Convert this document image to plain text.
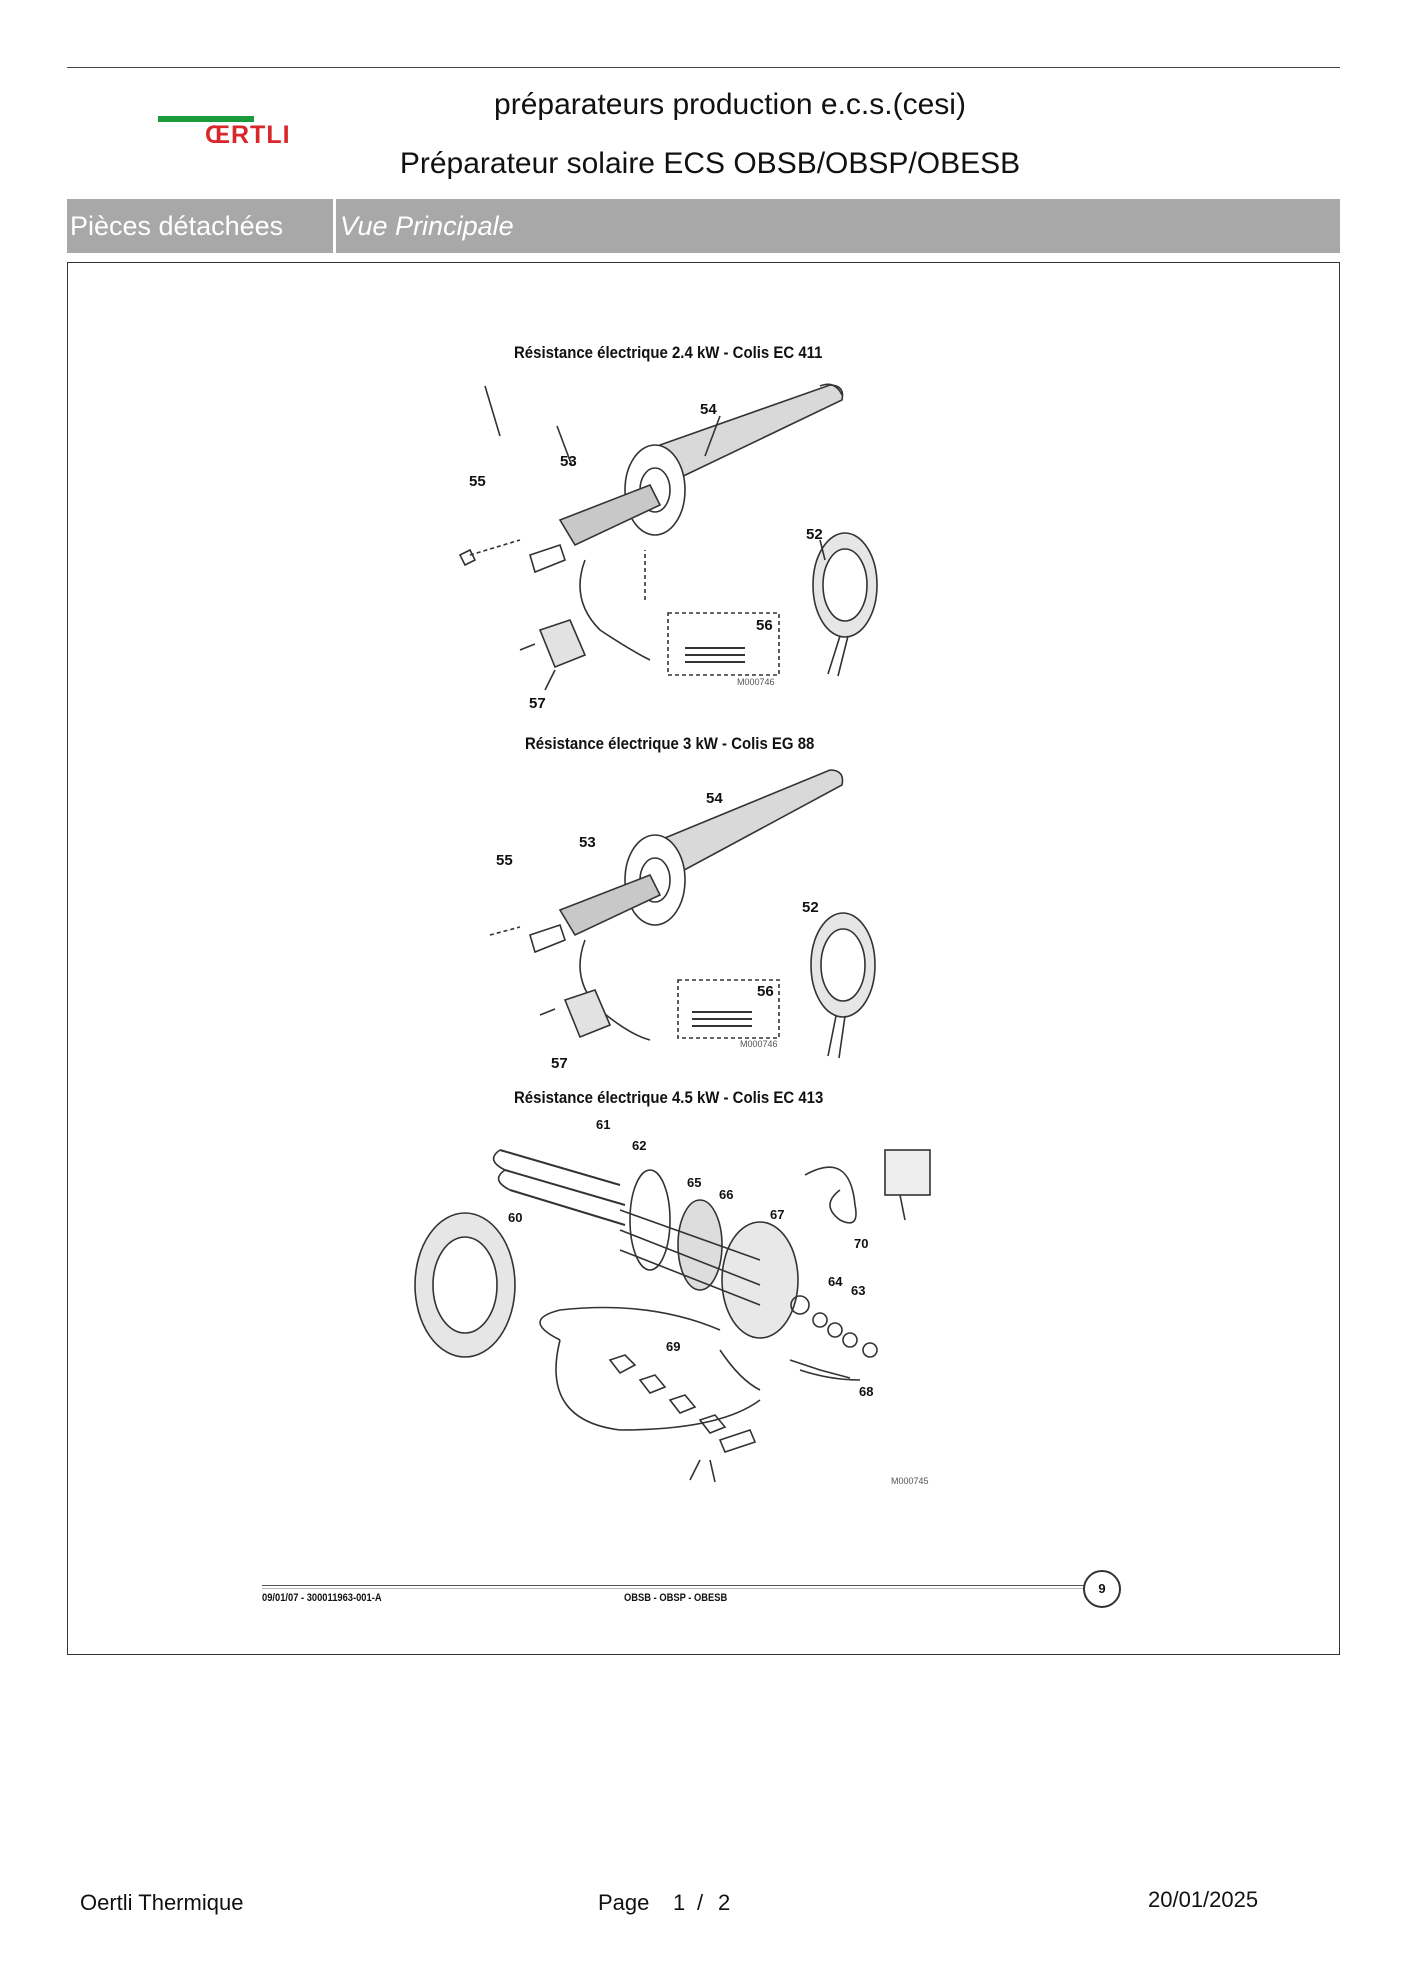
ŒRTLI
préparateurs production e.c.s.(cesi)
Préparateur solaire ECS OBSB/OBSP/OBESB
Pièces détachées	Vue Principale
Résistance électrique 2.4 kW - Colis EC 411
Résistance électrique 3 kW - Colis EG 88
Résistance électrique 4.5 kW - Colis EC 413
54
53
55
52
56
57
M000746
54
53
55
52
56
57
M000746
61
62
65
66
60	67
70
64
63
69
68
M000745
09/01/07 - 300011963-001-A	OBSB - OBSP - OBESB
9
Oertli Thermique	Page 1 / 2	20/01/2025
